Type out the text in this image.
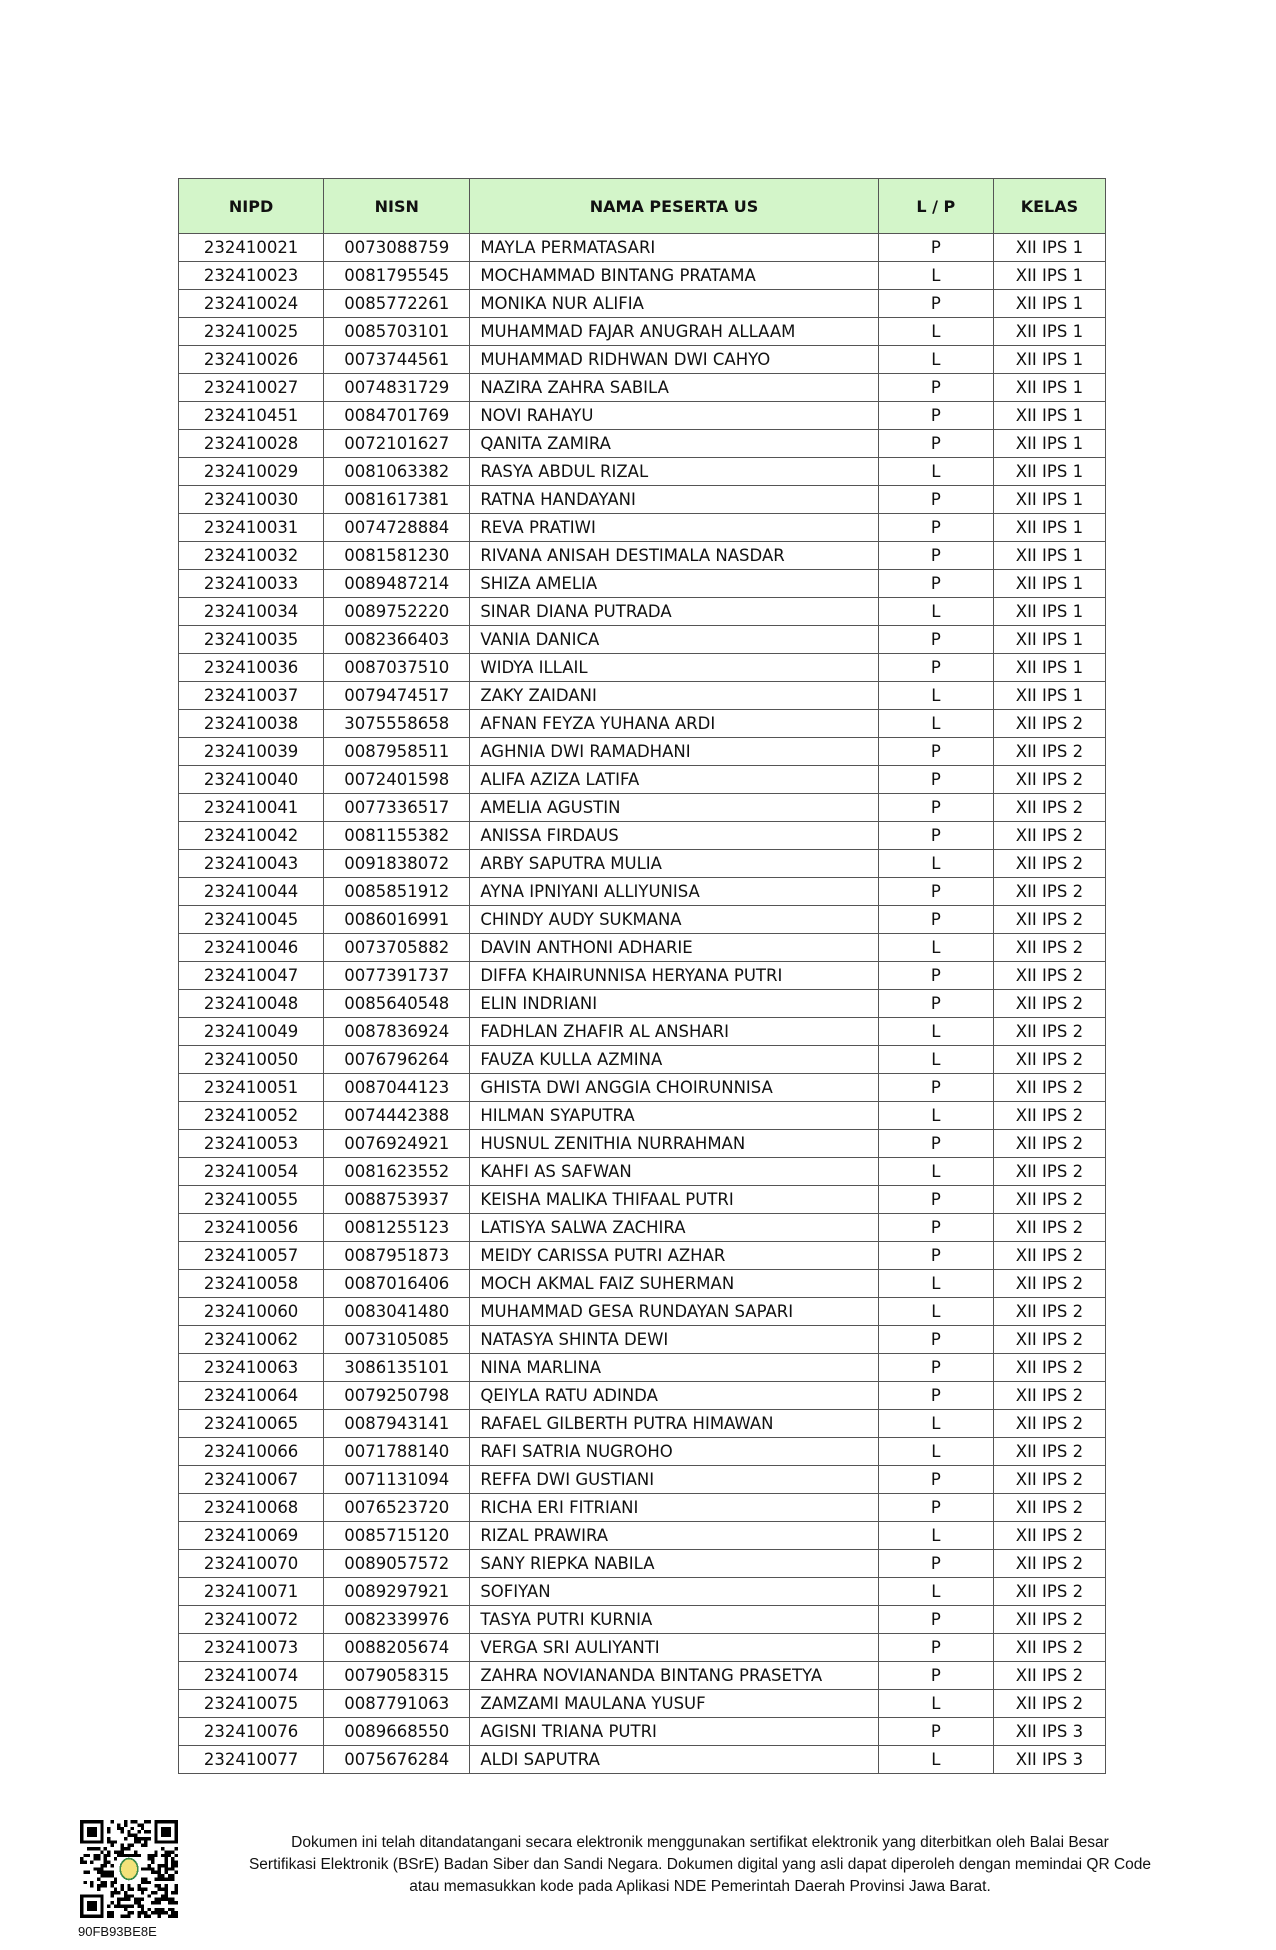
NIPD	NISN	NAMA PESERTA US	L / P	KELAS
232410021	0073088759	MAYLA PERMATASARI	P	XII IPS 1
232410023	0081795545	MOCHAMMAD BINTANG PRATAMA	L	XII IPS 1
232410024	0085772261	MONIKA NUR ALIFIA	P	XII IPS 1
232410025	0085703101	MUHAMMAD FAJAR ANUGRAH ALLAAM	L	XII IPS 1
232410026	0073744561	MUHAMMAD RIDHWAN DWI CAHYO	L	XII IPS 1
232410027	0074831729	NAZIRA ZAHRA SABILA	P	XII IPS 1
232410451	0084701769	NOVI RAHAYU	P	XII IPS 1
232410028	0072101627	QANITA ZAMIRA	P	XII IPS 1
232410029	0081063382	RASYA ABDUL RIZAL	L	XII IPS 1
232410030	0081617381	RATNA HANDAYANI	P	XII IPS 1
232410031	0074728884	REVA PRATIWI	P	XII IPS 1
232410032	0081581230	RIVANA ANISAH DESTIMALA NASDAR	P	XII IPS 1
232410033	0089487214	SHIZA AMELIA	P	XII IPS 1
232410034	0089752220	SINAR DIANA PUTRADA	L	XII IPS 1
232410035	0082366403	VANIA DANICA	P	XII IPS 1
232410036	0087037510	WIDYA ILLAIL	P	XII IPS 1
232410037	0079474517	ZAKY ZAIDANI	L	XII IPS 1
232410038	3075558658	AFNAN FEYZA YUHANA ARDI	L	XII IPS 2
232410039	0087958511	AGHNIA DWI RAMADHANI	P	XII IPS 2
232410040	0072401598	ALIFA AZIZA LATIFA	P	XII IPS 2
232410041	0077336517	AMELIA AGUSTIN	P	XII IPS 2
232410042	0081155382	ANISSA FIRDAUS	P	XII IPS 2
232410043	0091838072	ARBY SAPUTRA MULIA	L	XII IPS 2
232410044	0085851912	AYNA IPNIYANI ALLIYUNISA	P	XII IPS 2
232410045	0086016991	CHINDY AUDY SUKMANA	P	XII IPS 2
232410046	0073705882	DAVIN ANTHONI ADHARIE	L	XII IPS 2
232410047	0077391737	DIFFA KHAIRUNNISA HERYANA PUTRI	P	XII IPS 2
232410048	0085640548	ELIN INDRIANI	P	XII IPS 2
232410049	0087836924	FADHLAN ZHAFIR AL ANSHARI	L	XII IPS 2
232410050	0076796264	FAUZA KULLA AZMINA	L	XII IPS 2
232410051	0087044123	GHISTA DWI ANGGIA CHOIRUNNISA	P	XII IPS 2
232410052	0074442388	HILMAN SYAPUTRA	L	XII IPS 2
232410053	0076924921	HUSNUL ZENITHIA NURRAHMAN	P	XII IPS 2
232410054	0081623552	KAHFI AS SAFWAN	L	XII IPS 2
232410055	0088753937	KEISHA MALIKA THIFAAL PUTRI	P	XII IPS 2
232410056	0081255123	LATISYA SALWA ZACHIRA	P	XII IPS 2
232410057	0087951873	MEIDY CARISSA PUTRI AZHAR	P	XII IPS 2
232410058	0087016406	MOCH AKMAL FAIZ SUHERMAN	L	XII IPS 2
232410060	0083041480	MUHAMMAD GESA RUNDAYAN SAPARI	L	XII IPS 2
232410062	0073105085	NATASYA SHINTA DEWI	P	XII IPS 2
232410063	3086135101	NINA MARLINA	P	XII IPS 2
232410064	0079250798	QEIYLA RATU ADINDA	P	XII IPS 2
232410065	0087943141	RAFAEL GILBERTH PUTRA HIMAWAN	L	XII IPS 2
232410066	0071788140	RAFI SATRIA NUGROHO	L	XII IPS 2
232410067	0071131094	REFFA DWI GUSTIANI	P	XII IPS 2
232410068	0076523720	RICHA ERI FITRIANI	P	XII IPS 2
232410069	0085715120	RIZAL PRAWIRA	L	XII IPS 2
232410070	0089057572	SANY RIEPKA NABILA	P	XII IPS 2
232410071	0089297921	SOFIYAN	L	XII IPS 2
232410072	0082339976	TASYA PUTRI KURNIA	P	XII IPS 2
232410073	0088205674	VERGA SRI AULIYANTI	P	XII IPS 2
232410074	0079058315	ZAHRA NOVIANANDA BINTANG PRASETYA	P	XII IPS 2
232410075	0087791063	ZAMZAMI MAULANA YUSUF	L	XII IPS 2
232410076	0089668550	AGISNI TRIANA PUTRI	P	XII IPS 3
232410077	0075676284	ALDI SAPUTRA	L	XII IPS 3
90FB93BE8E
Dokumen ini telah ditandatangani secara elektronik menggunakan sertifikat elektronik yang diterbitkan oleh Balai Besar
Sertifikasi Elektronik (BSrE) Badan Siber dan Sandi Negara. Dokumen digital yang asli dapat diperoleh dengan memindai QR Code
atau memasukkan kode pada Aplikasi NDE Pemerintah Daerah Provinsi Jawa Barat.
